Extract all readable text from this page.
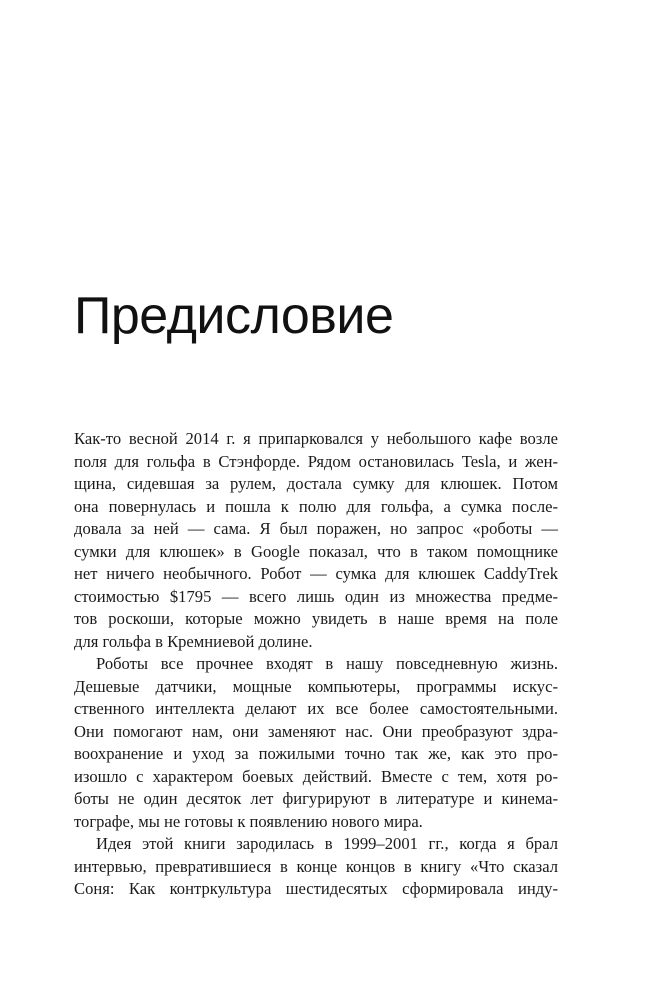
Предисловие
Как-то весной 2014 г. я припарковался у небольшого кафе возле
поля для гольфа в Стэнфорде. Рядом остановилась Tesla, и жен-
щина, сидевшая за рулем, достала сумку для клюшек. Потом
она повернулась и пошла к полю для гольфа, а сумка после-
довала за ней — сама. Я был поражен, но запрос «роботы —
сумки для клюшек» в Google показал, что в таком помощнике
нет ничего необычного. Робот — сумка для клюшек CaddyTrek
стоимостью $1795 — всего лишь один из множества предме-
тов роскоши, которые можно увидеть в наше время на поле
для гольфа в Кремниевой долине.
Роботы все прочнее входят в нашу повседневную жизнь.
Дешевые датчики, мощные компьютеры, программы искус-
ственного интеллекта делают их все более самостоятельными.
Они помогают нам, они заменяют нас. Они преобразуют здра-
воохранение и уход за пожилыми точно так же, как это про-
изошло с характером боевых действий. Вместе с тем, хотя ро-
боты не один десяток лет фигурируют в литературе и кинема-
тографе, мы не готовы к появлению нового мира.
Идея этой книги зародилась в 1999–2001 гг., когда я брал
интервью, превратившиеся в конце концов в книгу «Что сказал
Соня: Как контркультура шестидесятых сформировала инду-
